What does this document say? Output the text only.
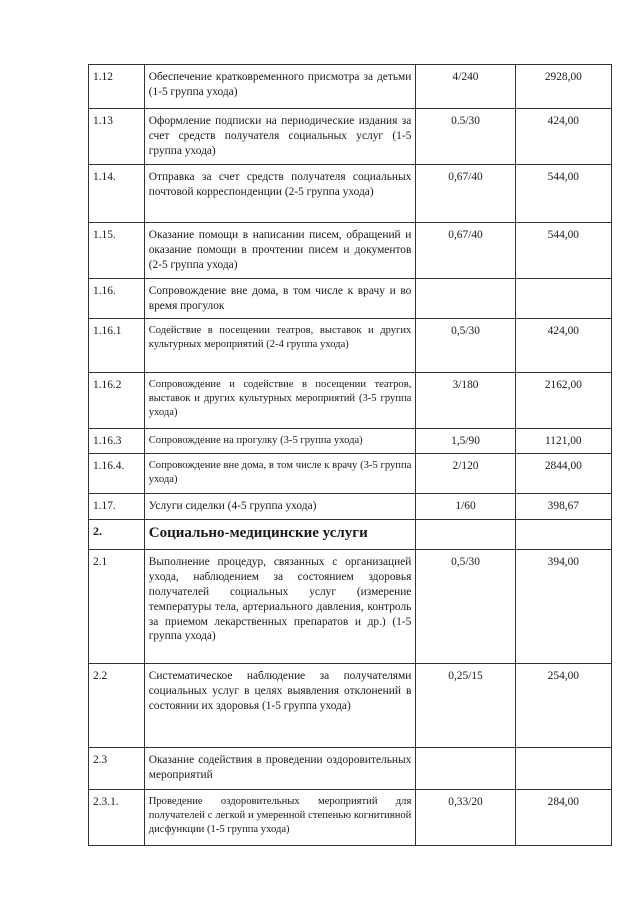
1.12	Обеспечение кратковременного присмотра за детьми (1-5 группа ухода)	4/240	2928,00
1.13	Оформление подписки на периодические издания за счет средств получателя социальных услуг (1-5 группа ухода)	0.5/30	424,00
1.14.	Отправка за счет средств получателя социальных почтовой корреспонденции (2-5 группа ухода)	0,67/40	544,00
1.15.	Оказание помощи в написании писем, обращений и оказание помощи в прочтении писем и документов (2-5 группа ухода)	0,67/40	544,00
1.16.	Сопровождение вне дома, в том числе к врачу и во время прогулок		
1.16.1	Содействие в посещении театров, выставок и других культурных мероприятий (2-4 группа ухода)	0,5/30	424,00
1.16.2	Сопровождение и содействие в посещении театров, выставок и других культурных мероприятий (3-5 группа ухода)	3/180	2162,00
1.16.3	Сопровождение на прогулку (3-5 группа ухода)	1,5/90	1121,00
1.16.4.	Сопровождение вне дома, в том числе к врачу (3-5 группа ухода)	2/120	2844,00
1.17.	Услуги сиделки (4-5 группа ухода)	1/60	398,67
2.	Социально-медицинские услуги		
2.1	Выполнение процедур, связанных с организацией ухода, наблюдением за состоянием здоровья получателей социальных услуг (измерение температуры тела, артериального давления, контроль за приемом лекарственных препаратов и др.) (1-5 группа ухода)	0,5/30	394,00
2.2	Систематическое наблюдение за получателями социальных услуг в целях выявления отклонений в состоянии их здоровья (1-5 группа ухода)	0,25/15	254,00
2.3	Оказание содействия в проведении оздоровительных мероприятий		
2.3.1.	Проведение оздоровительных мероприятий для получателей с легкой и умеренной степенью когнитивной дисфункции (1-5 группа ухода)	0,33/20	284,00
